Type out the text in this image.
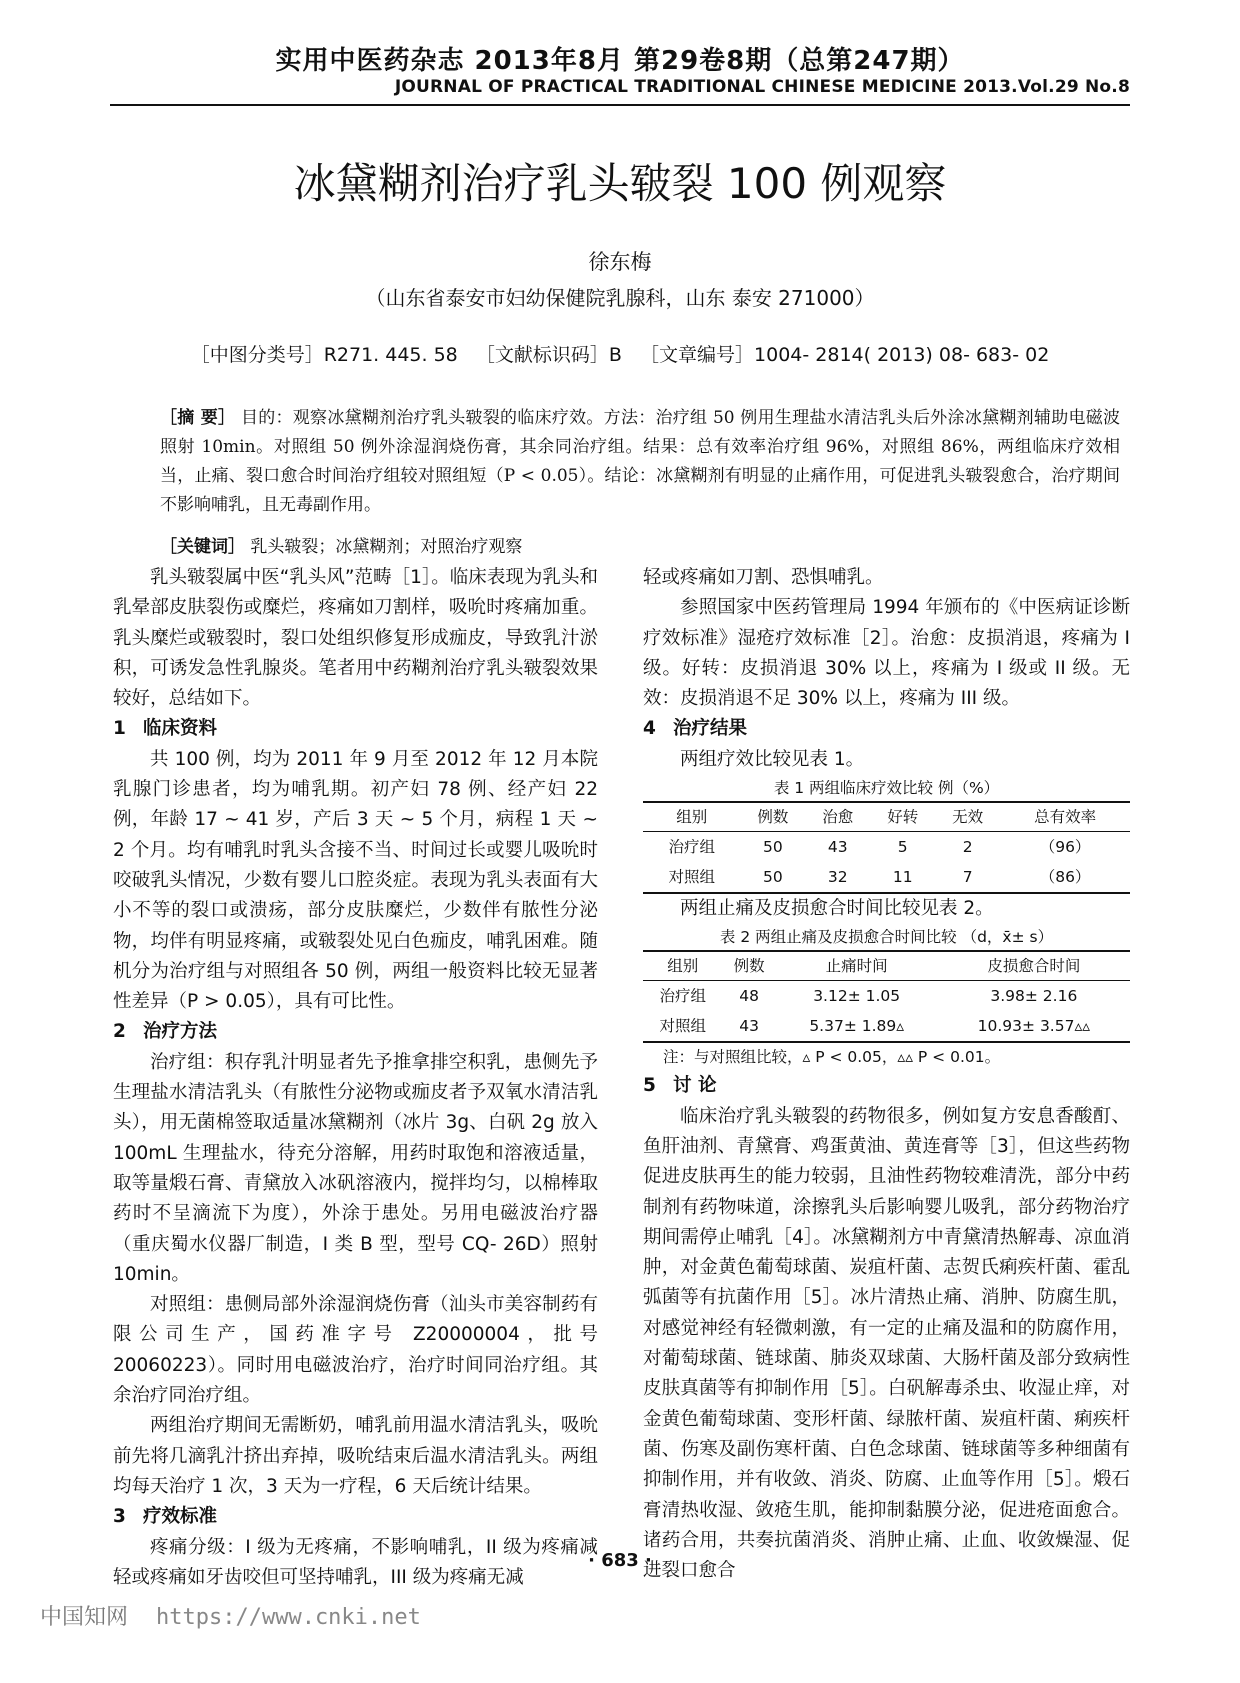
实用中医药杂志 2013年8月 第29卷8期（总第247期）
JOURNAL OF PRACTICAL TRADITIONAL CHINESE MEDICINE 2013.Vol.29 No.8
冰黛糊剂治疗乳头皲裂 100 例观察
徐东梅
（山东省泰安市妇幼保健院乳腺科，山东 泰安 271000）
［中图分类号］R271. 445. 58   ［文献标识码］B   ［文章编号］1004- 2814( 2013) 08- 683- 02
［摘 要］ 目的：观察冰黛糊剂治疗乳头皲裂的临床疗效。方法：治疗组 50 例用生理盐水清洁乳头后外涂冰黛糊剂辅助电磁波照射 10min。对照组 50 例外涂湿润烧伤膏，其余同治疗组。结果：总有效率治疗组 96%，对照组 86%，两组临床疗效相当，止痛、裂口愈合时间治疗组较对照组短（P < 0.05）。结论：冰黛糊剂有明显的止痛作用，可促进乳头皲裂愈合，治疗期间不影响哺乳，且无毒副作用。
［关键词］ 乳头皲裂；冰黛糊剂；对照治疗观察

乳头皲裂属中医“乳头风”范畴［1］。临床表现为乳头和乳晕部皮肤裂伤或糜烂，疼痛如刀割样，吸吮时疼痛加重。乳头糜烂或皲裂时，裂口处组织修复形成痂皮，导致乳汁淤积，可诱发急性乳腺炎。笔者用中药糊剂治疗乳头皲裂效果较好，总结如下。

1 临床资料

共 100 例，均为 2011 年 9 月至 2012 年 12 月本院乳腺门诊患者，均为哺乳期。初产妇 78 例、经产妇 22 例，年龄 17 ~ 41 岁，产后 3 天 ~ 5 个月，病程 1 天 ~ 2 个月。均有哺乳时乳头含接不当、时间过长或婴儿吸吮时咬破乳头情况，少数有婴儿口腔炎症。表现为乳头表面有大小不等的裂口或溃疡，部分皮肤糜烂，少数伴有脓性分泌物，均伴有明显疼痛，或皲裂处见白色痂皮，哺乳困难。随机分为治疗组与对照组各 50 例，两组一般资料比较无显著性差异（P > 0.05），具有可比性。

2 治疗方法

治疗组：积存乳汁明显者先予推拿排空积乳，患侧先予生理盐水清洁乳头（有脓性分泌物或痂皮者予双氧水清洁乳头），用无菌棉签取适量冰黛糊剂（冰片 3g、白矾 2g 放入 100mL 生理盐水，待充分溶解，用药时取饱和溶液适量，取等量煅石膏、青黛放入冰矾溶液内，搅拌均匀，以棉棒取药时不呈滴流下为度），外涂于患处。另用电磁波治疗器（重庆蜀水仪器厂制造，I 类 B 型，型号 CQ- 26D）照射 10min。

对照组：患侧局部外涂湿润烧伤膏（汕头市美容制药有限公司生产，国药准字号 Z20000004，批号 20060223）。同时用电磁波治疗，治疗时间同治疗组。其余治疗同治疗组。

两组治疗期间无需断奶，哺乳前用温水清洁乳头，吸吮前先将几滴乳汁挤出弃掉，吸吮结束后温水清洁乳头。两组均每天治疗 1 次，3 天为一疗程，6 天后统计结果。

3 疗效标准

疼痛分级：I 级为无疼痛，不影响哺乳，II 级为疼痛减轻或疼痛如牙齿咬但可坚持哺乳，III 级为疼痛无减

轻或疼痛如刀割、恐惧哺乳。

参照国家中医药管理局 1994 年颁布的《中医病证诊断疗效标准》湿疮疗效标准［2］。治愈：皮损消退，疼痛为 I 级。好转：皮损消退 30% 以上，疼痛为 I 级或 II 级。无效：皮损消退不足 30% 以上，疼痛为 III 级。

4 治疗结果

两组疗效比较见表 1。

表 1 两组临床疗效比较 例（%）
组别	例数	治愈	好转	无效	总有效率
治疗组	50	43	5	2	（96）
对照组	50	32	11	7	（86）

两组止痛及皮损愈合时间比较见表 2。

表 2 两组止痛及皮损愈合时间比较 （d，x̄± s）
组别	例数	止痛时间	皮损愈合时间
治疗组	48	3.12± 1.05	3.98± 2.16
对照组	43	5.37± 1.89▵	10.93± 3.57▵▵
注：与对照组比较，▵ P < 0.05，▵▵ P < 0.01。
5 讨 论

临床治疗乳头皲裂的药物很多，例如复方安息香酸酊、鱼肝油剂、青黛膏、鸡蛋黄油、黄连膏等［3］，但这些药物促进皮肤再生的能力较弱，且油性药物较难清洗，部分中药制剂有药物味道，涂擦乳头后影响婴儿吸乳，部分药物治疗期间需停止哺乳［4］。冰黛糊剂方中青黛清热解毒、凉血消肿，对金黄色葡萄球菌、炭疽杆菌、志贺氏痢疾杆菌、霍乱弧菌等有抗菌作用［5］。冰片清热止痛、消肿、防腐生肌，对感觉神经有轻微刺激，有一定的止痛及温和的防腐作用，对葡萄球菌、链球菌、肺炎双球菌、大肠杆菌及部分致病性皮肤真菌等有抑制作用［5］。白矾解毒杀虫、收湿止痒，对金黄色葡萄球菌、变形杆菌、绿脓杆菌、炭疽杆菌、痢疾杆菌、伤寒及副伤寒杆菌、白色念球菌、链球菌等多种细菌有抑制作用，并有收敛、消炎、防腐、止血等作用［5］。煅石膏清热收湿、敛疮生肌，能抑制黏膜分泌，促进疮面愈合。诸药合用，共奏抗菌消炎、消肿止痛、止血、收敛燥湿、促进裂口愈合

· 683 ·
中国知网 https://www.cnki.net
